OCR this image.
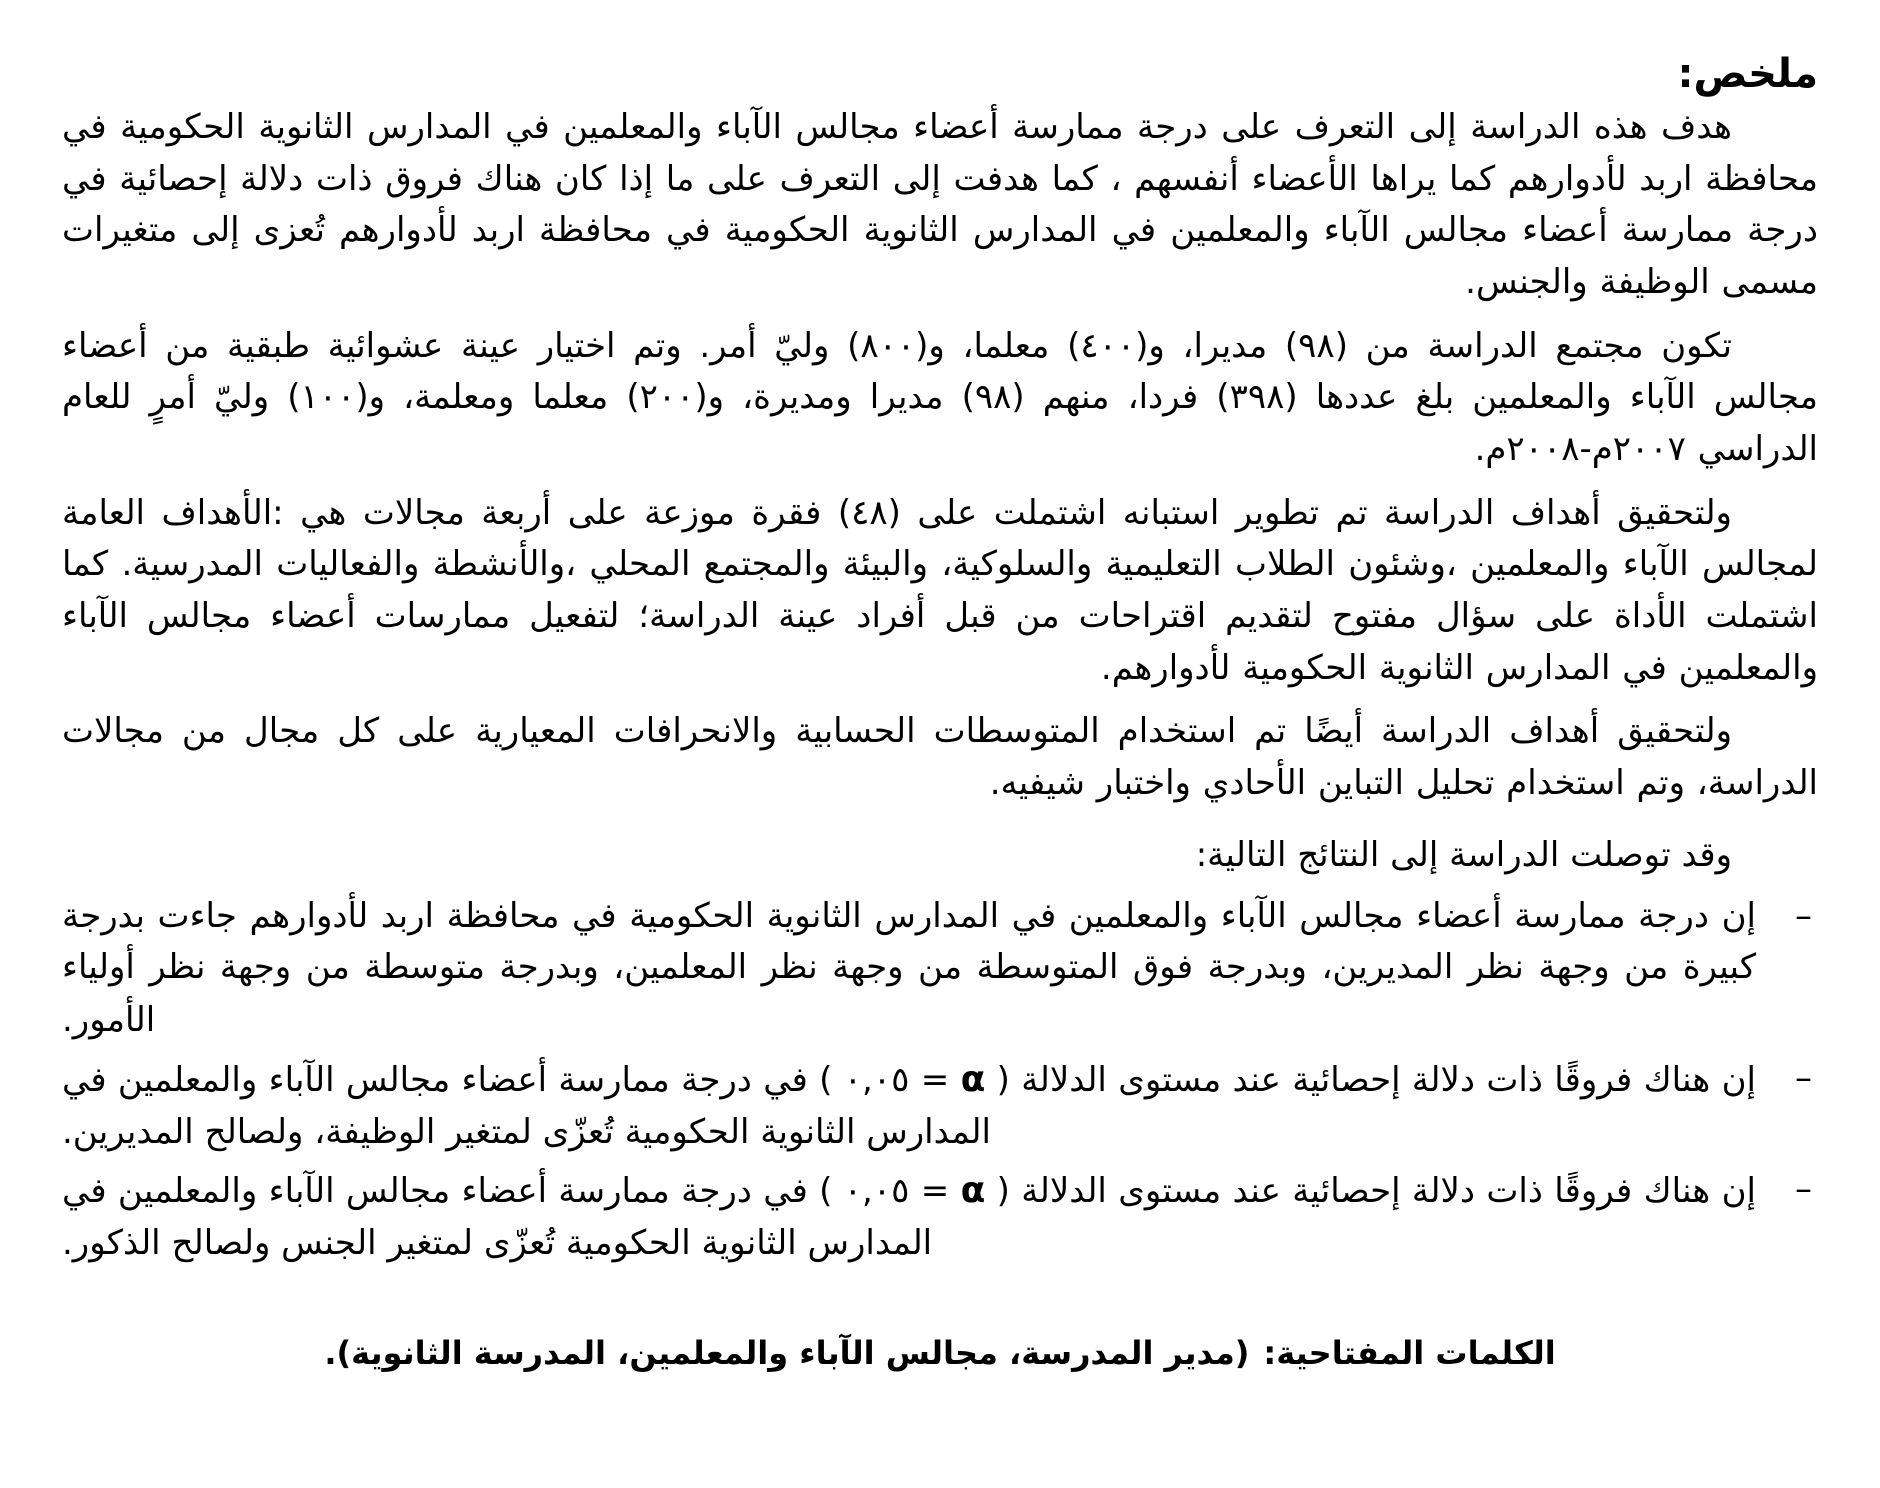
ملخص:

هدف هذه الدراسة إلى التعرف على درجة ممارسة أعضاء مجالس الآباء والمعلمين في المدارس الثانوية الحكومية في محافظة اربد لأدوارهم كما يراها الأعضاء أنفسهم ، كما هدفت إلى التعرف على ما إذا كان هناك فروق ذات دلالة إحصائية في درجة ممارسة أعضاء مجالس الآباء والمعلمين في المدارس الثانوية الحكومية في محافظة اربد لأدوارهم تُعزى إلى متغيرات مسمى الوظيفة والجنس.

تكون مجتمع الدراسة من (٩٨) مديرا، و(٤٠٠) معلما، و(٨٠٠) وليّ أمر. وتم اختيار عينة عشوائية طبقية من أعضاء مجالس الآباء والمعلمين بلغ عددها (٣٩٨) فردا، منهم (٩٨) مديرا ومديرة، و(٢٠٠) معلما ومعلمة، و(١٠٠) وليّ أمرٍ للعام الدراسي ٢٠٠٧م-٢٠٠٨م.

ولتحقيق أهداف الدراسة تم تطوير استبانه اشتملت على (٤٨) فقرة موزعة على أربعة مجالات هي :الأهداف العامة لمجالس الآباء والمعلمين ،وشئون الطلاب التعليمية والسلوكية، والبيئة والمجتمع المحلي ،والأنشطة والفعاليات المدرسية. كما اشتملت الأداة على سؤال مفتوح لتقديم اقتراحات من قبل أفراد عينة الدراسة؛ لتفعيل ممارسات أعضاء مجالس الآباء والمعلمين في المدارس الثانوية الحكومية لأدوارهم.

ولتحقيق أهداف الدراسة أيضًا تم استخدام المتوسطات الحسابية والانحرافات المعيارية على كل مجال من مجالات الدراسة، وتم استخدام تحليل التباين الأحادي واختبار شيفيه.

وقد توصلت الدراسة إلى النتائج التالية:

–
إن درجة ممارسة أعضاء مجالس الآباء والمعلمين في المدارس الثانوية الحكومية في محافظة اربد لأدوارهم جاءت بدرجة كبيرة من وجهة نظر المديرين، وبدرجة فوق المتوسطة من وجهة نظر المعلمين، وبدرجة متوسطة من وجهة نظر أولياء الأمور.
–
إن هناك فروقًا ذات دلالة إحصائية عند مستوى الدلالة ( α = ٠,٠٥ ) في درجة ممارسة أعضاء مجالس الآباء والمعلمين في المدارس الثانوية الحكومية تُعزّى لمتغير الوظيفة، ولصالح المديرين.
–
إن هناك فروقًا ذات دلالة إحصائية عند مستوى الدلالة ( α = ٠,٠٥ ) في درجة ممارسة أعضاء مجالس الآباء والمعلمين في المدارس الثانوية الحكومية تُعزّى لمتغير الجنس ولصالح الذكور.
الكلمات المفتاحية:(مدير المدرسة، مجالس الآباء والمعلمين، المدرسة الثانوية).
